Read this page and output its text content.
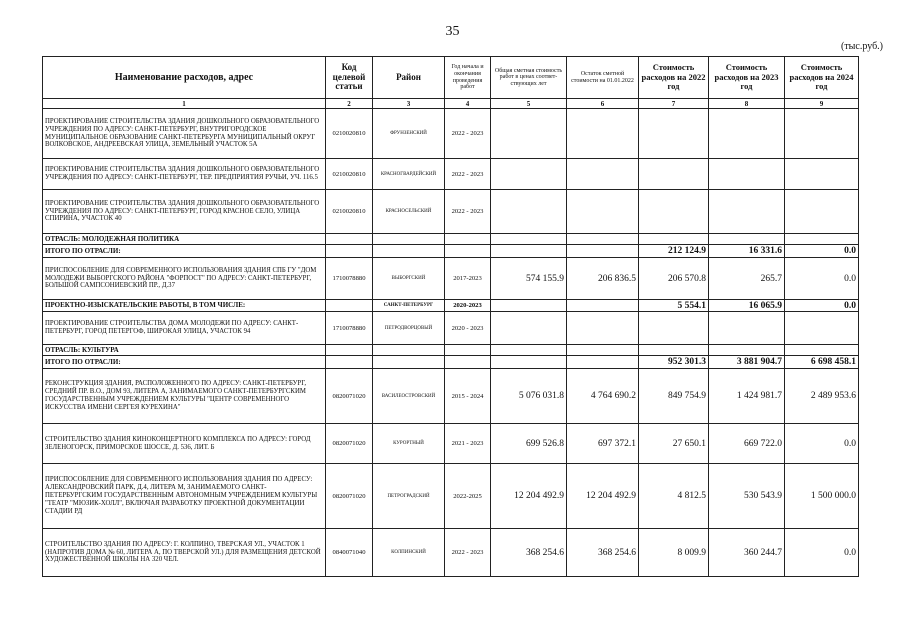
35
(тыс.руб.)
Наименование расходов, адрес	Код целевой статьи	Район	Год начала и окончания проведения работ	Общая сметная стоимость работ в ценах соответ-ствующих лет	Остаток сметной стоимости на 01.01.2022	Стоимость расходов на 2022 год	Стоимость расходов на 2023 год	Стоимость расходов на 2024 год
1	2	3	4	5	6	7	8	9
ПРОЕКТИРОВАНИЕ СТРОИТЕЛЬСТВА ЗДАНИЯ ДОШКОЛЬНОГО ОБРАЗОВАТЕЛЬНОГО УЧРЕЖДЕНИЯ ПО АДРЕСУ: САНКТ-ПЕТЕРБУРГ, ВНУТРИГОРОДСКОЕ МУНИЦИПАЛЬНОЕ ОБРАЗОВАНИЕ САНКТ-ПЕТЕРБУРГА МУНИЦИПАЛЬНЫЙ ОКРУГ ВОЛКОВСКОЕ, АНДРЕЕВСКАЯ УЛИЦА, ЗЕМЕЛЬНЫЙ УЧАСТОК 5А	0210020810	ФРУНЗЕНСКИЙ	2022 - 2023					
ПРОЕКТИРОВАНИЕ СТРОИТЕЛЬСТВА ЗДАНИЯ ДОШКОЛЬНОГО ОБРАЗОВАТЕЛЬНОГО УЧРЕЖДЕНИЯ ПО АДРЕСУ: САНКТ-ПЕТЕРБУРГ, ТЕР. ПРЕДПРИЯТИЯ РУЧЬИ, УЧ. 116.5	0210020810	КРАСНОГВАРДЕЙСКИЙ	2022 - 2023					
ПРОЕКТИРОВАНИЕ СТРОИТЕЛЬСТВА ЗДАНИЯ ДОШКОЛЬНОГО ОБРАЗОВАТЕЛЬНОГО УЧРЕЖДЕНИЯ ПО АДРЕСУ: САНКТ-ПЕТЕРБУРГ, ГОРОД КРАСНОЕ СЕЛО, УЛИЦА СПИРИНА, УЧАСТОК 40	0210020810	КРАСНОСЕЛЬСКИЙ	2022 - 2023					
ОТРАСЛЬ: МОЛОДЕЖНАЯ ПОЛИТИКА								
ИТОГО ПО ОТРАСЛИ:						212 124.9	16 331.6	0.0
ПРИСПОСОБЛЕНИЕ ДЛЯ СОВРЕМЕННОГО ИСПОЛЬЗОВАНИЯ ЗДАНИЯ СПБ ГУ "ДОМ МОЛОДЕЖИ ВЫБОРГСКОГО РАЙОНА "ФОРПОСТ" ПО АДРЕСУ: САНКТ-ПЕТЕРБУРГ, БОЛЬШОЙ САМПСОНИЕВСКИЙ ПР., Д.37	1710078880	ВЫБОРГСКИЙ	2017-2023	574 155.9	206 836.5	206 570.8	265.7	0.0
ПРОЕКТНО-ИЗЫСКАТЕЛЬСКИЕ РАБОТЫ, В ТОМ ЧИСЛЕ:		САНКТ-ПЕТЕРБУРГ	2020-2023			5 554.1	16 065.9	0.0
ПРОЕКТИРОВАНИЕ СТРОИТЕЛЬСТВА ДОМА МОЛОДЕЖИ ПО АДРЕСУ: САНКТ-ПЕТЕРБУРГ, ГОРОД ПЕТЕРГОФ, ШИРОКАЯ УЛИЦА, УЧАСТОК 94	1710078880	ПЕТРОДВОРЦОВЫЙ	2020 - 2023					
ОТРАСЛЬ: КУЛЬТУРА								
ИТОГО ПО ОТРАСЛИ:						952 301.3	3 881 904.7	6 698 458.1
РЕКОНСТРУКЦИЯ ЗДАНИЯ, РАСПОЛОЖЕННОГО ПО АДРЕСУ: САНКТ-ПЕТЕРБУРГ, СРЕДНИЙ ПР. В.О., ДОМ 93, ЛИТЕРА А, ЗАНИМАЕМОГО САНКТ-ПЕТЕРБУРГСКИМ ГОСУДАРСТВЕННЫМ УЧРЕЖДЕНИЕМ КУЛЬТУРЫ "ЦЕНТР СОВРЕМЕННОГО ИСКУССТВА ИМЕНИ СЕРГЕЯ КУРЕХИНА"	0820071020	ВАСИЛЕОСТРОВСКИЙ	2015 - 2024	5 076 031.8	4 764 690.2	849 754.9	1 424 981.7	2 489 953.6
СТРОИТЕЛЬСТВО ЗДАНИЯ КИНОКОНЦЕРТНОГО КОМПЛЕКСА ПО АДРЕСУ: ГОРОД ЗЕЛЕНОГОРСК, ПРИМОРСКОЕ ШОССЕ, Д. 536, ЛИТ. Б	0820071020	КУРОРТНЫЙ	2021 - 2023	699 526.8	697 372.1	27 650.1	669 722.0	0.0
ПРИСПОСОБЛЕНИЕ ДЛЯ СОВРЕМЕННОГО ИСПОЛЬЗОВАНИЯ ЗДАНИЯ ПО АДРЕСУ: АЛЕКСАНДРОВСКИЙ ПАРК, Д.4, ЛИТЕРА М, ЗАНИМАЕМОГО САНКТ-ПЕТЕРБУРГСКИМ ГОСУДАРСТВЕННЫМ АВТОНОМНЫМ УЧРЕЖДЕНИЕМ КУЛЬТУРЫ "ТЕАТР "МЮЗИК-ХОЛЛ", ВКЛЮЧАЯ РАЗРАБОТКУ ПРОЕКТНОЙ ДОКУМЕНТАЦИИ СТАДИИ РД	0820071020	ПЕТРОГРАДСКИЙ	2022-2025	12 204 492.9	12 204 492.9	4 812.5	530 543.9	1 500 000.0
СТРОИТЕЛЬСТВО ЗДАНИЯ ПО АДРЕСУ: Г. КОЛПИНО, ТВЕРСКАЯ УЛ., УЧАСТОК 1 (НАПРОТИВ ДОМА № 60, ЛИТЕРА А, ПО ТВЕРСКОЙ УЛ.) ДЛЯ РАЗМЕЩЕНИЯ ДЕТСКОЙ ХУДОЖЕСТВЕННОЙ ШКОЛЫ НА 320 ЧЕЛ.	0840071040	КОЛПИНСКИЙ	2022 - 2023	368 254.6	368 254.6	8 009.9	360 244.7	0.0
